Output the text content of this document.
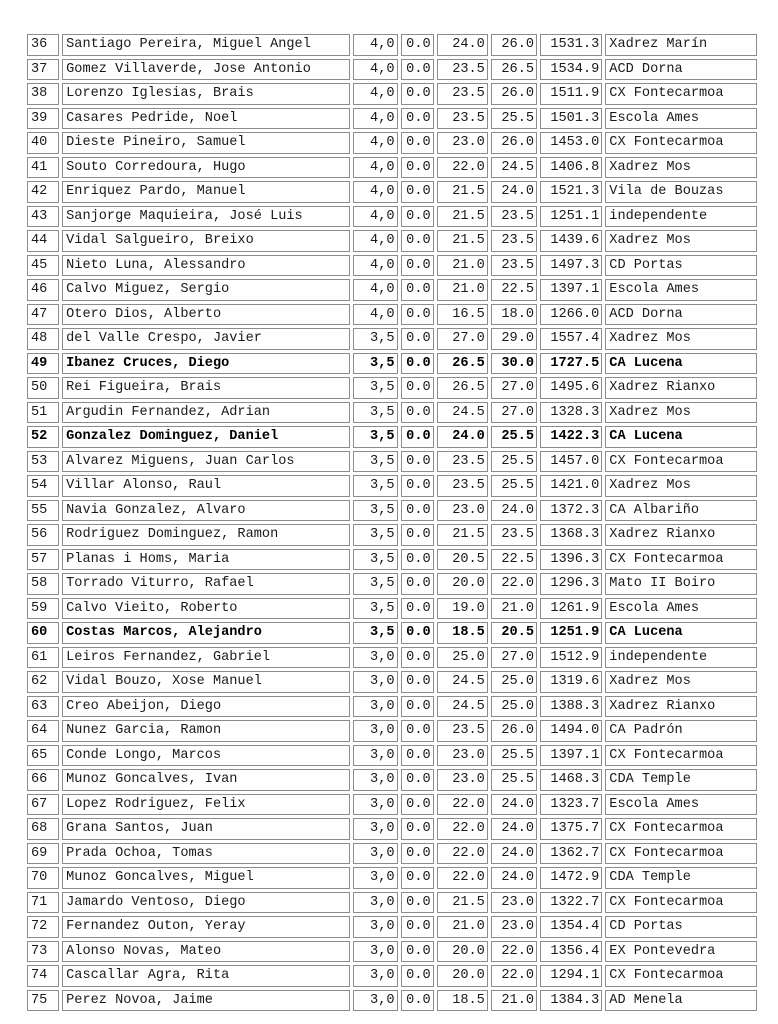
36	Santiago Pereira, Miguel Angel	4,0	0.0	24.0	26.0	1531.3	Xadrez Marín
37	Gomez Villaverde, Jose Antonio	4,0	0.0	23.5	26.5	1534.9	ACD Dorna
38	Lorenzo Iglesias, Brais	4,0	0.0	23.5	26.0	1511.9	CX Fontecarmoa
39	Casares Pedride, Noel	4,0	0.0	23.5	25.5	1501.3	Escola Ames
40	Dieste Pineiro, Samuel	4,0	0.0	23.0	26.0	1453.0	CX Fontecarmoa
41	Souto Corredoura, Hugo	4,0	0.0	22.0	24.5	1406.8	Xadrez Mos
42	Enriquez Pardo, Manuel	4,0	0.0	21.5	24.0	1521.3	Vila de Bouzas
43	Sanjorge Maquieira, José Luis	4,0	0.0	21.5	23.5	1251.1	independente
44	Vidal Salgueiro, Breixo	4,0	0.0	21.5	23.5	1439.6	Xadrez Mos
45	Nieto Luna, Alessandro	4,0	0.0	21.0	23.5	1497.3	CD Portas
46	Calvo Miguez, Sergio	4,0	0.0	21.0	22.5	1397.1	Escola Ames
47	Otero Dios, Alberto	4,0	0.0	16.5	18.0	1266.0	ACD Dorna
48	del Valle Crespo, Javier	3,5	0.0	27.0	29.0	1557.4	Xadrez Mos
49	Ibanez Cruces, Diego	3,5	0.0	26.5	30.0	1727.5	CA Lucena
50	Rei Figueira, Brais	3,5	0.0	26.5	27.0	1495.6	Xadrez Rianxo
51	Argudin Fernandez, Adrian	3,5	0.0	24.5	27.0	1328.3	Xadrez Mos
52	Gonzalez Dominguez, Daniel	3,5	0.0	24.0	25.5	1422.3	CA Lucena
53	Alvarez Miguens, Juan Carlos	3,5	0.0	23.5	25.5	1457.0	CX Fontecarmoa
54	Villar Alonso, Raul	3,5	0.0	23.5	25.5	1421.0	Xadrez Mos
55	Navia Gonzalez, Alvaro	3,5	0.0	23.0	24.0	1372.3	CA Albariño
56	Rodriguez Dominguez, Ramon	3,5	0.0	21.5	23.5	1368.3	Xadrez Rianxo
57	Planas i Homs, Maria	3,5	0.0	20.5	22.5	1396.3	CX Fontecarmoa
58	Torrado Viturro, Rafael	3,5	0.0	20.0	22.0	1296.3	Mato II Boiro
59	Calvo Vieito, Roberto	3,5	0.0	19.0	21.0	1261.9	Escola Ames
60	Costas Marcos, Alejandro	3,5	0.0	18.5	20.5	1251.9	CA Lucena
61	Leiros Fernandez, Gabriel	3,0	0.0	25.0	27.0	1512.9	independente
62	Vidal Bouzo, Xose Manuel	3,0	0.0	24.5	25.0	1319.6	Xadrez Mos
63	Creo Abeijon, Diego	3,0	0.0	24.5	25.0	1388.3	Xadrez Rianxo
64	Nunez Garcia, Ramon	3,0	0.0	23.5	26.0	1494.0	CA Padrón
65	Conde Longo, Marcos	3,0	0.0	23.0	25.5	1397.1	CX Fontecarmoa
66	Munoz Goncalves, Ivan	3,0	0.0	23.0	25.5	1468.3	CDA Temple
67	Lopez Rodriguez, Felix	3,0	0.0	22.0	24.0	1323.7	Escola Ames
68	Grana Santos, Juan	3,0	0.0	22.0	24.0	1375.7	CX Fontecarmoa
69	Prada Ochoa, Tomas	3,0	0.0	22.0	24.0	1362.7	CX Fontecarmoa
70	Munoz Goncalves, Miguel	3,0	0.0	22.0	24.0	1472.9	CDA Temple
71	Jamardo Ventoso, Diego	3,0	0.0	21.5	23.0	1322.7	CX Fontecarmoa
72	Fernandez Outon, Yeray	3,0	0.0	21.0	23.0	1354.4	CD Portas
73	Alonso Novas, Mateo	3,0	0.0	20.0	22.0	1356.4	EX Pontevedra
74	Cascallar Agra, Rita	3,0	0.0	20.0	22.0	1294.1	CX Fontecarmoa
75	Perez Novoa, Jaime	3,0	0.0	18.5	21.0	1384.3	AD Menela
